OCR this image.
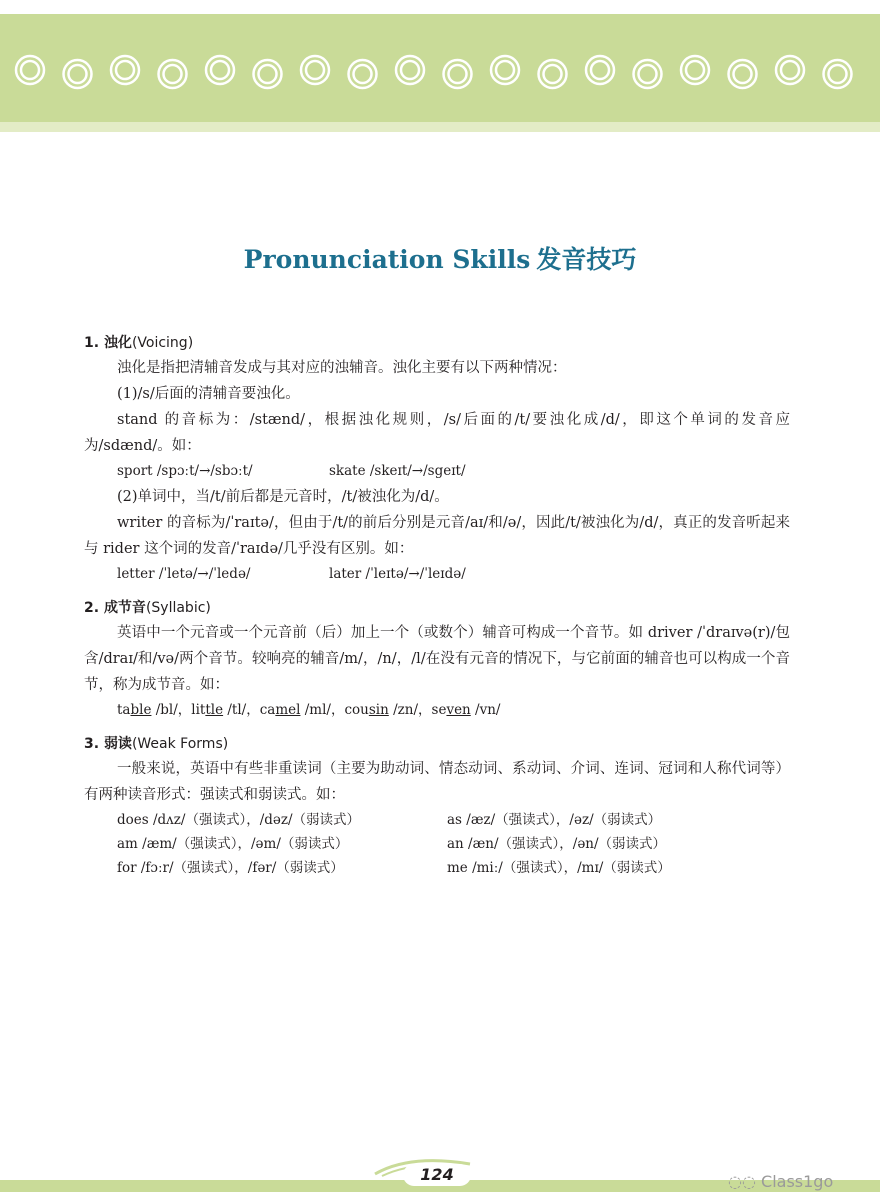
Pronunciation Skills 发音技巧
1. 浊化(Voicing)
浊化是指把清辅音发成与其对应的浊辅音。浊化主要有以下两种情况：
(1)/s/后面的清辅音要浊化。
stand 的音标为：/stænd/，根据浊化规则，/s/后面的/t/要浊化成/d/，即这个单词的发音应为/sdænd/。如：
sport /spɔːt/→/sbɔːt/	skate /skeɪt/→/sgeɪt/
(2)单词中，当/t/前后都是元音时，/t/被浊化为/d/。
writer 的音标为/ˈraɪtə/，但由于/t/的前后分别是元音/aɪ/和/ə/，因此/t/被浊化为/d/，真正的发音听起来与 rider 这个词的发音/ˈraɪdə/几乎没有区别。如：
letter /ˈletə/→/ˈledə/	later /ˈleɪtə/→/ˈleɪdə/
2. 成节音(Syllabic)
英语中一个元音或一个元音前（后）加上一个（或数个）辅音可构成一个音节。如 driver /ˈdraɪvə(r)/包含/draɪ/和/və/两个音节。较响亮的辅音/m/，/n/，/l/在没有元音的情况下，与它前面的辅音也可以构成一个音节，称为成节音。如：
table /bl/，little /tl/，camel /ml/，cousin /zn/，seven /vn/
3. 弱读(Weak Forms)
一般来说，英语中有些非重读词（主要为助动词、情态动词、系动词、介词、连词、冠词和人称代词等）有两种读音形式：强读式和弱读式。如：
does /dʌz/（强读式），/dəz/（弱读式）	as /æz/（强读式），/əz/（弱读式）
am /æm/（强读式），/əm/（弱读式）	an /æn/（强读式），/ən/（弱读式）
for /fɔːr/（强读式），/fər/（弱读式）	me /miː/（强读式），/mɪ/（弱读式）
124	◌◌ Class1go
